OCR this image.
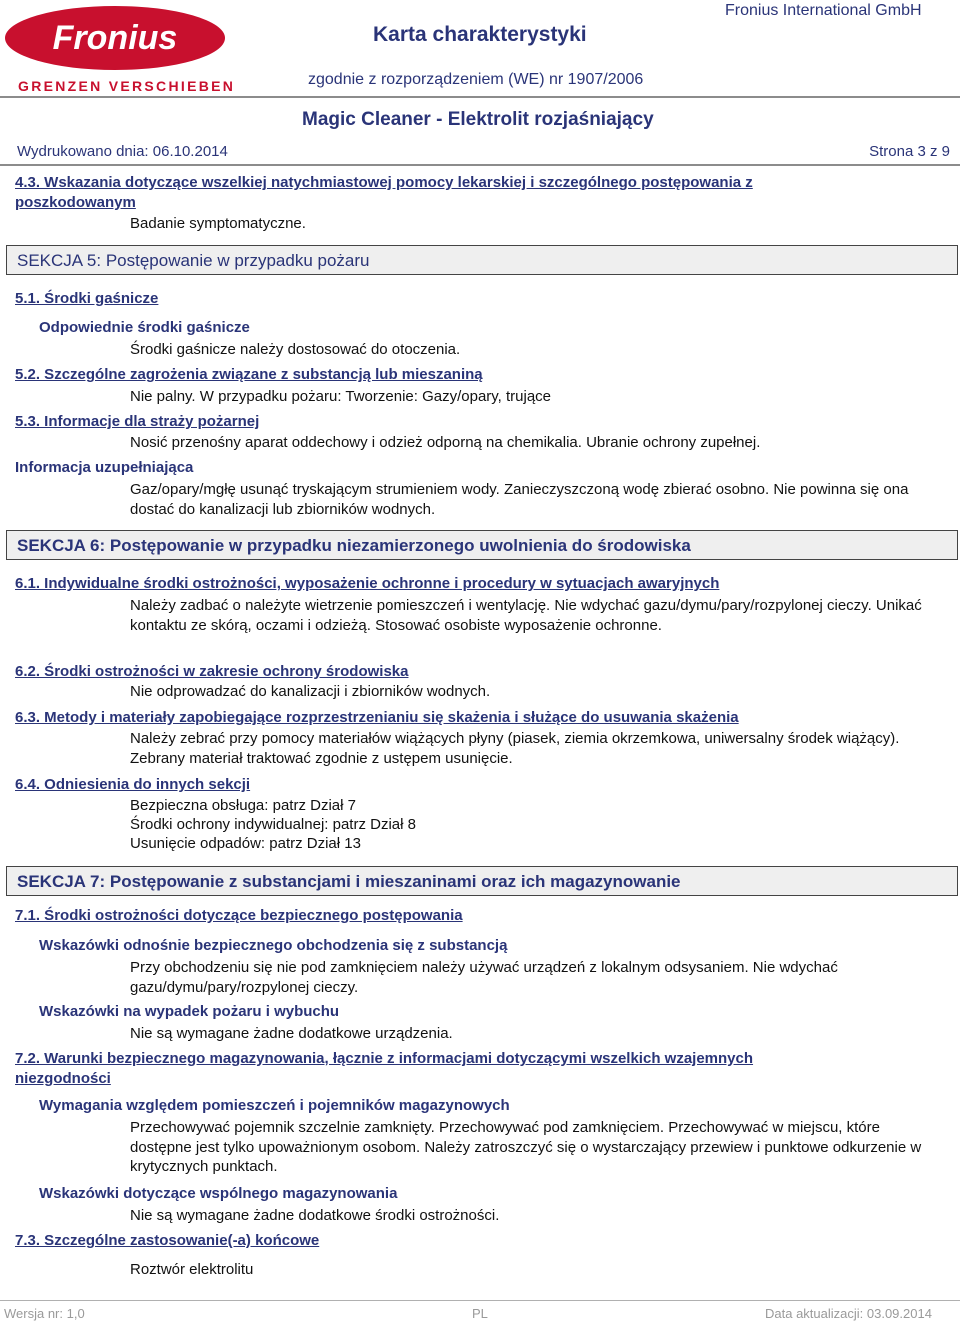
Fronius
GRENZEN VERSCHIEBEN
Karta charakterystyki
Fronius International GmbH
zgodnie z rozporządzeniem (WE) nr 1907/2006
Magic Cleaner - Elektrolit rozjaśniający
Wydrukowano dnia: 06.10.2014	Strona 3 z 9
4.3. Wskazania dotyczące wszelkiej natychmiastowej pomocy lekarskiej i szczególnego postępowania z poszkodowanym
Badanie symptomatyczne.
SEKCJA 5: Postępowanie w przypadku pożaru
5.1. Środki gaśnicze
Odpowiednie środki gaśnicze
Środki gaśnicze należy dostosować do otoczenia.
5.2. Szczególne zagrożenia związane z substancją lub mieszaniną
Nie palny. W przypadku pożaru: Tworzenie: Gazy/opary, trujące
5.3. Informacje dla straży pożarnej
Nosić przenośny aparat oddechowy i odzież odporną na chemikalia. Ubranie ochrony zupełnej.
Informacja uzupełniająca
Gaz/opary/mgłę usunąć tryskającym strumieniem wody. Zanieczyszczoną wodę zbierać osobno. Nie powinna się ona dostać do kanalizacji lub zbiorników wodnych.
SEKCJA 6: Postępowanie w przypadku niezamierzonego uwolnienia do środowiska
6.1. Indywidualne środki ostrożności, wyposażenie ochronne i procedury w sytuacjach awaryjnych
Należy zadbać o należyte wietrzenie pomieszczeń i wentylację. Nie wdychać gazu/dymu/pary/rozpylonej cieczy. Unikać kontaktu ze skórą, oczami i odzieżą. Stosować osobiste wyposażenie ochronne.
6.2. Środki ostrożności w zakresie ochrony środowiska
Nie odprowadzać do kanalizacji i zbiorników wodnych.
6.3. Metody i materiały zapobiegające rozprzestrzenianiu się skażenia i służące do usuwania skażenia
Należy zebrać przy pomocy materiałów wiążących płyny (piasek, ziemia okrzemkowa, uniwersalny środek wiążący). Zebrany materiał traktować zgodnie z ustępem usunięcie.
6.4. Odniesienia do innych sekcji
Bezpieczna obsługa: patrz Dział 7
Środki ochrony indywidualnej: patrz Dział 8
Usunięcie odpadów: patrz Dział 13
SEKCJA 7: Postępowanie z substancjami i mieszaninami oraz ich magazynowanie
7.1. Środki ostrożności dotyczące bezpiecznego postępowania
Wskazówki odnośnie bezpiecznego obchodzenia się z substancją
Przy obchodzeniu się nie pod zamknięciem należy używać urządzeń z lokalnym odsysaniem. Nie wdychać gazu/dymu/pary/rozpylonej cieczy.
Wskazówki na wypadek pożaru i wybuchu
Nie są wymagane żadne dodatkowe urządzenia.
7.2. Warunki bezpiecznego magazynowania, łącznie z informacjami dotyczącymi wszelkich wzajemnych niezgodności
Wymagania względem pomieszczeń i pojemników magazynowych
Przechowywać pojemnik szczelnie zamknięty. Przechowywać pod zamknięciem. Przechowywać w miejscu, które dostępne jest tylko upoważnionym osobom. Należy zatroszczyć się o wystarczający przewiew i punktowe odkurzenie w krytycznych punktach.
Wskazówki dotyczące wspólnego magazynowania
Nie są wymagane żadne dodatkowe środki ostrożności.
7.3. Szczególne zastosowanie(-a) końcowe
Roztwór elektrolitu
Wersja nr: 1,0	PL	Data aktualizacji: 03.09.2014
